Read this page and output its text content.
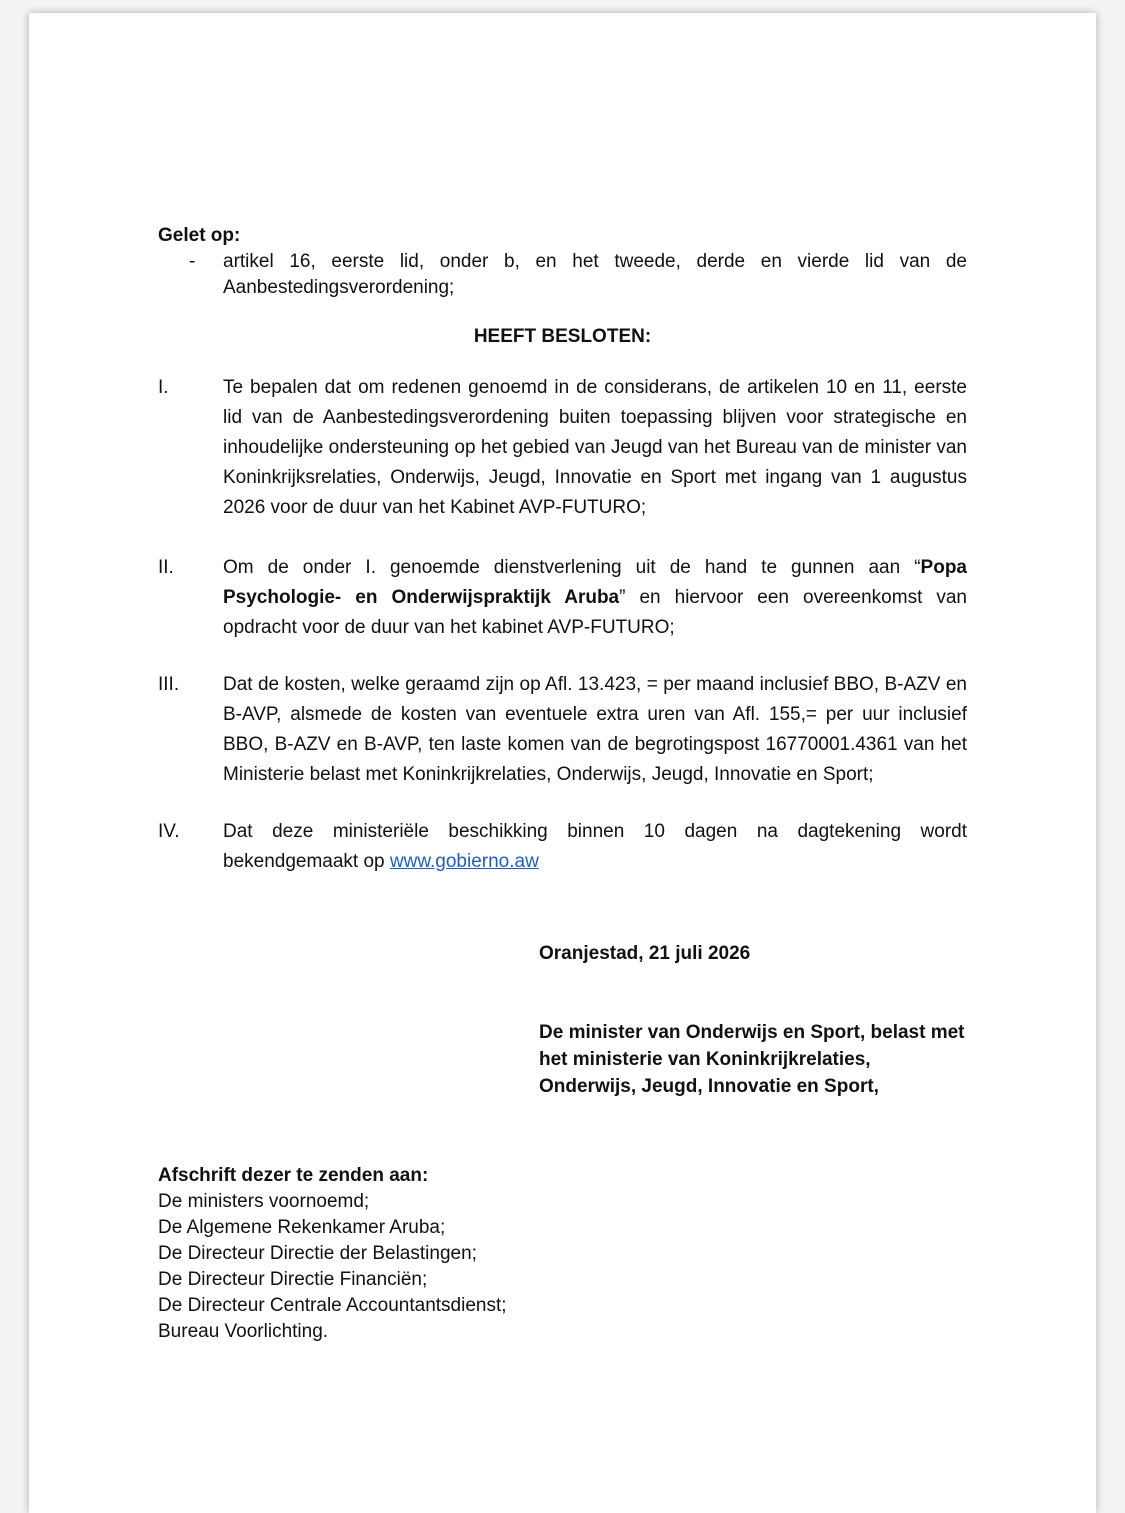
Gelet op:
-	artikel 16, eerste lid, onder b, en het tweede, derde en vierde lid van de Aanbestedingsverordening;
HEEFT BESLOTEN:
I.	Te bepalen dat om redenen genoemd in de considerans, de artikelen 10 en 11, eerste lid van de Aanbestedingsverordening buiten toepassing blijven voor strategische en inhoudelijke ondersteuning op het gebied van Jeugd van het Bureau van de minister van Koninkrijksrelaties, Onderwijs, Jeugd, Innovatie en Sport met ingang van 1 augustus 2026 voor de duur van het Kabinet AVP-FUTURO;
II.	Om de onder I. genoemde dienstverlening uit de hand te gunnen aan “Popa Psychologie- en Onderwijspraktijk Aruba” en hiervoor een overeenkomst van opdracht voor de duur van het kabinet AVP-FUTURO;
III.	Dat de kosten, welke geraamd zijn op Afl. 13.423, = per maand inclusief BBO, B-AZV en B-AVP, alsmede de kosten van eventuele extra uren van Afl. 155,= per uur inclusief BBO, B-AZV en B-AVP, ten laste komen van de begrotingspost 16770001.4361 van het Ministerie belast met Koninkrijkrelaties, Onderwijs, Jeugd, Innovatie en Sport;
IV.	Dat deze ministeriële beschikking binnen 10 dagen na dagtekening wordt bekendgemaakt op www.gobierno.aw
Oranjestad, 21 juli 2026
De minister van Onderwijs en Sport, belast met
het ministerie van Koninkrijkrelaties,
Onderwijs, Jeugd, Innovatie en Sport,
Afschrift dezer te zenden aan:
De ministers voornoemd;
De Algemene Rekenkamer Aruba;
De Directeur Directie der Belastingen;
De Directeur Directie Financiën;
De Directeur Centrale Accountantsdienst;
Bureau Voorlichting.
